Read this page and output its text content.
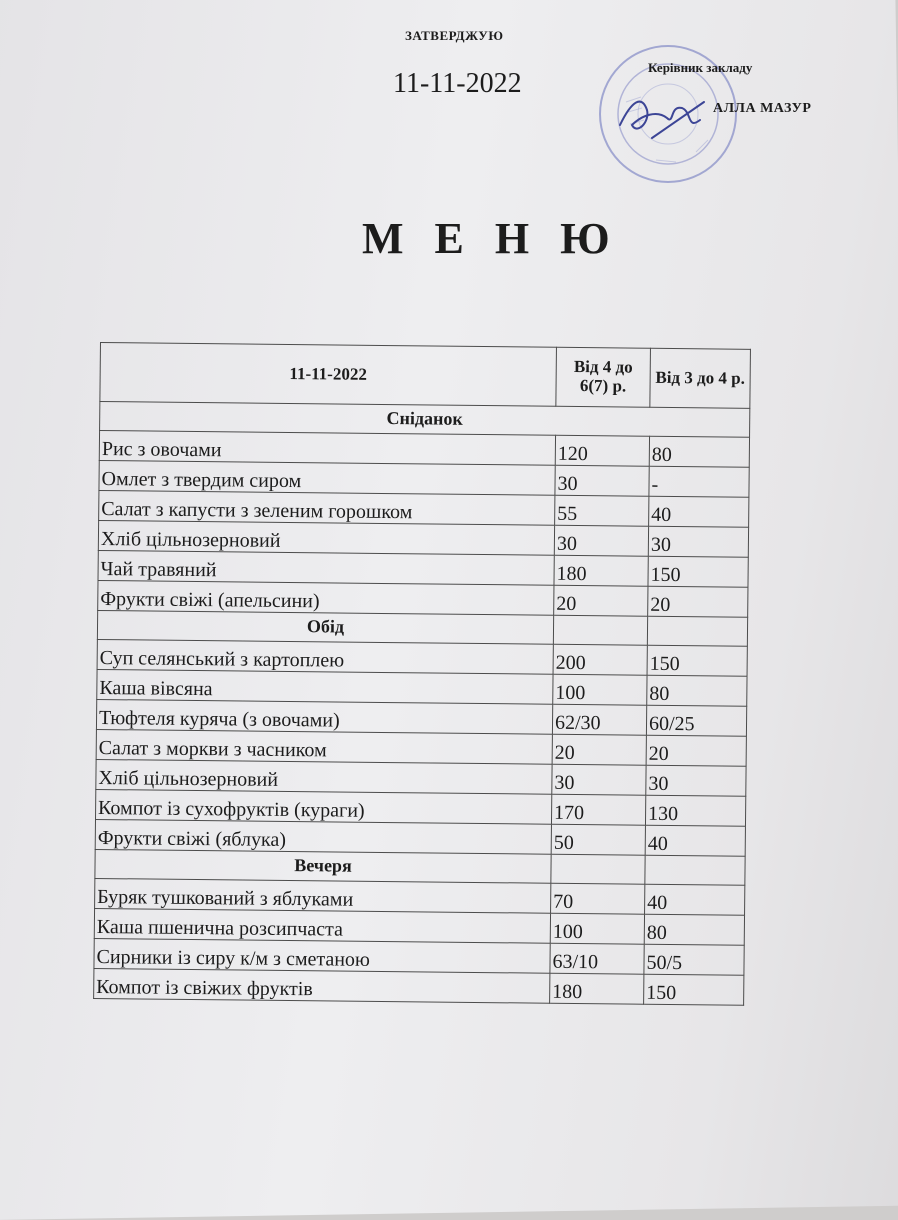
ЗАТВЕРДЖУЮ
11-11-2022
Керівник закладу
АЛЛА МАЗУР
М Е Н Ю
11-11-2022	Від 4 до 6(7) р.	Від 3 до 4 р.
Сніданок		
Рис з овочами	120	80
Омлет з твердим сиром	30	-
Салат з капусти з зеленим горошком	55	40
Хліб цільнозерновий	30	30
Чай травяний	180	150
Фрукти свіжі (апельсини)	20	20
Обід		
Суп селянський з картоплею	200	150
Каша вівсяна	100	80
Тюфтеля куряча (з овочами)	62/30	60/25
Салат з моркви з часником	20	20
Хліб цільнозерновий	30	30
Компот із сухофруктів (кураги)	170	130
Фрукти свіжі (яблука)	50	40
Вечеря		
Буряк тушкований з яблуками	70	40
Каша пшенична розсипчаста	100	80
Сирники із сиру к/м з сметаною	63/10	50/5
Компот із свіжих фруктів	180	150
